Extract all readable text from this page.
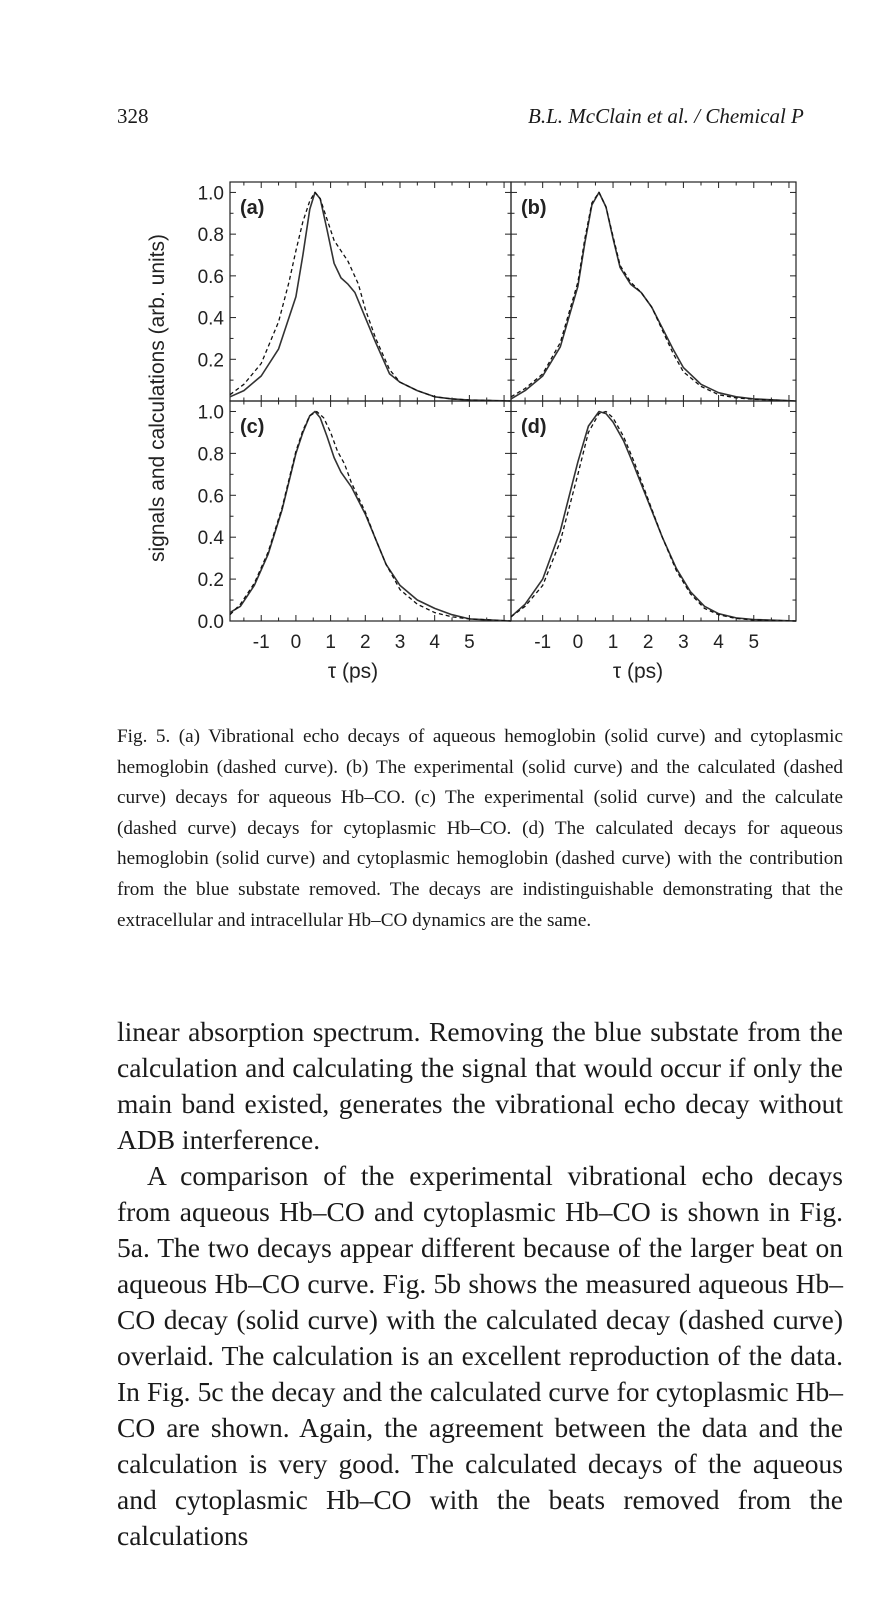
328	B.L. McClain et al. / Chemical P
(a)	(b)
(c)	(d)
1.0
0.8
0.6
0.4
0.2
1.0
0.8
0.6
0.4
0.2
0.0
-1 0 1 2 3 4 5	-1 0 1 2 3 4 5
signals and calculations (arb. units)
τ (ps)	τ (ps)
Fig. 5. (a) Vibrational echo decays of aqueous hemoglobin (solid curve) and cytoplasmic hemoglobin (dashed curve). (b) The experimental (solid curve) and the calculated (dashed curve) decays for aqueous Hb–CO. (c) The experimental (solid curve) and the calculate (dashed curve) decays for cytoplasmic Hb–CO. (d) The calculated decays for aqueous hemoglobin (solid curve) and cytoplasmic hemoglobin (dashed curve) with the contribution from the blue substate removed. The decays are indistinguishable demonstrating that the extracellular and intracellular Hb–CO dynamics are the same.

linear absorption spectrum. Removing the blue substate from the calculation and calculating the signal that would occur if only the main band existed, generates the vibrational echo decay without ADB interference.

A comparison of the experimental vibrational echo decays from aqueous Hb–CO and cytoplasmic Hb–CO is shown in Fig. 5a. The two decays appear different because of the larger beat on aqueous Hb–CO curve. Fig. 5b shows the measured aqueous Hb–CO decay (solid curve) with the calculated decay (dashed curve) overlaid. The calculation is an excellent reproduction of the data. In Fig. 5c the decay and the calculated curve for cytoplasmic Hb–CO are shown. Again, the agreement between the data and the calculation is very good. The calculated decays of the aqueous and cytoplasmic Hb–CO with the beats removed from the calculations
